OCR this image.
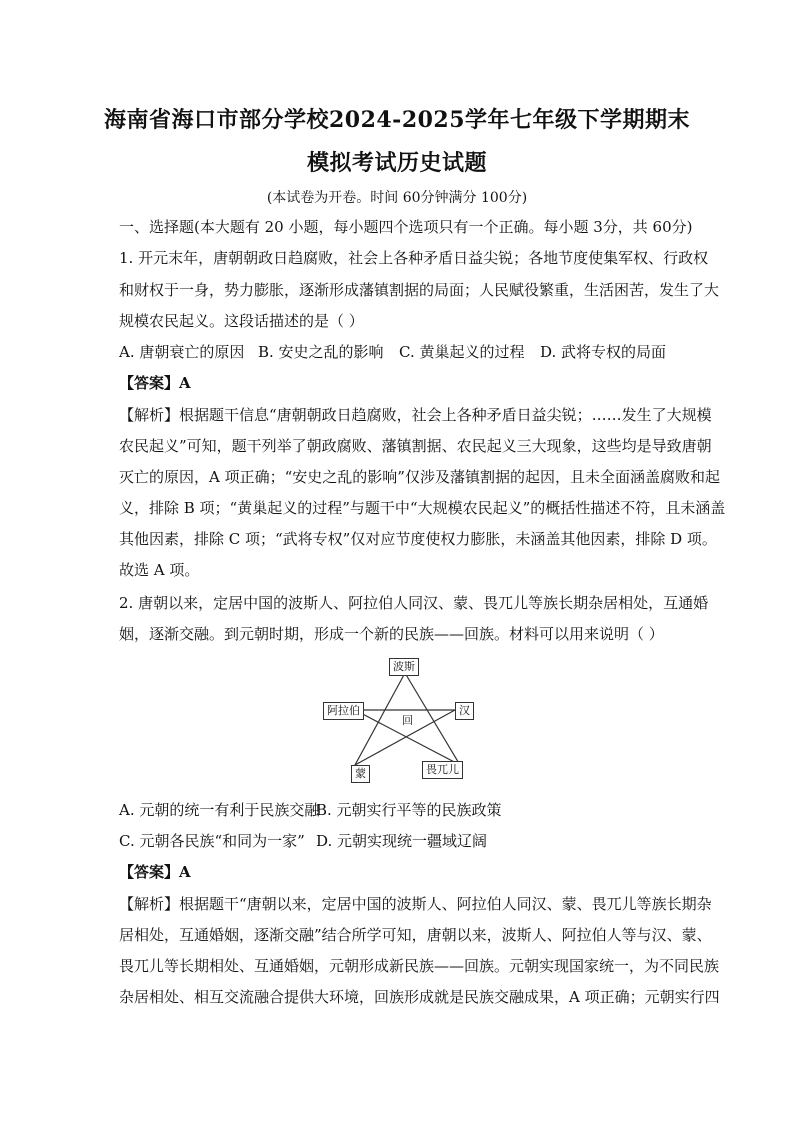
海南省海口市部分学校2024-2025学年七年级下学期期末
模拟考试历史试题
(本试卷为开卷。时间 60分钟满分 100分)
一、选择题(本大题有 20 小题，每小题四个选项只有一个正确。每小题 3分，共 60分)
1. 开元末年，唐朝朝政日趋腐败，社会上各种矛盾日益尖锐；各地节度使集军权、行政权
和财权于一身，势力膨胀，逐渐形成藩镇割据的局面；人民赋役繁重，生活困苦，发生了大
规模农民起义。这段话描述的是（ ）
A. 唐朝衰亡的原因 B. 安史之乱的影响 C. 黄巢起义的过程 D. 武将专权的局面
【答案】A
【解析】根据题干信息“唐朝朝政日趋腐败，社会上各种矛盾日益尖锐；……发生了大规模
农民起义”可知，题干列举了朝政腐败、藩镇割据、农民起义三大现象，这些均是导致唐朝
灭亡的原因，A 项正确；“安史之乱的影响”仅涉及藩镇割据的起因，且未全面涵盖腐败和起
义，排除 B 项；“黄巢起义的过程”与题干中“大规模农民起义”的概括性描述不符，且未涵盖
其他因素，排除 C 项；“武将专权”仅对应节度使权力膨胀，未涵盖其他因素，排除 D 项。
故选 A 项。
2. 唐朝以来，定居中国的波斯人、阿拉伯人同汉、蒙、畏兀儿等族长期杂居相处，互通婚
姻，逐渐交融。到元朝时期，形成一个新的民族——回族。材料可以用来说明（ ）
波斯
阿拉伯	汉
回
蒙	畏兀儿
A. 元朝的统一有利于民族交融B. 元朝实行平等的民族政策
C. 元朝各民族“和同为一家” D. 元朝实现统一疆域辽阔
【答案】A
【解析】根据题干“唐朝以来，定居中国的波斯人、阿拉伯人同汉、蒙、畏兀儿等族长期杂
居相处，互通婚姻，逐渐交融”结合所学可知，唐朝以来，波斯人、阿拉伯人等与汉、蒙、
畏兀儿等长期相处、互通婚姻，元朝形成新民族——回族。元朝实现国家统一，为不同民族
杂居相处、相互交流融合提供大环境，回族形成就是民族交融成果，A 项正确；元朝实行四
